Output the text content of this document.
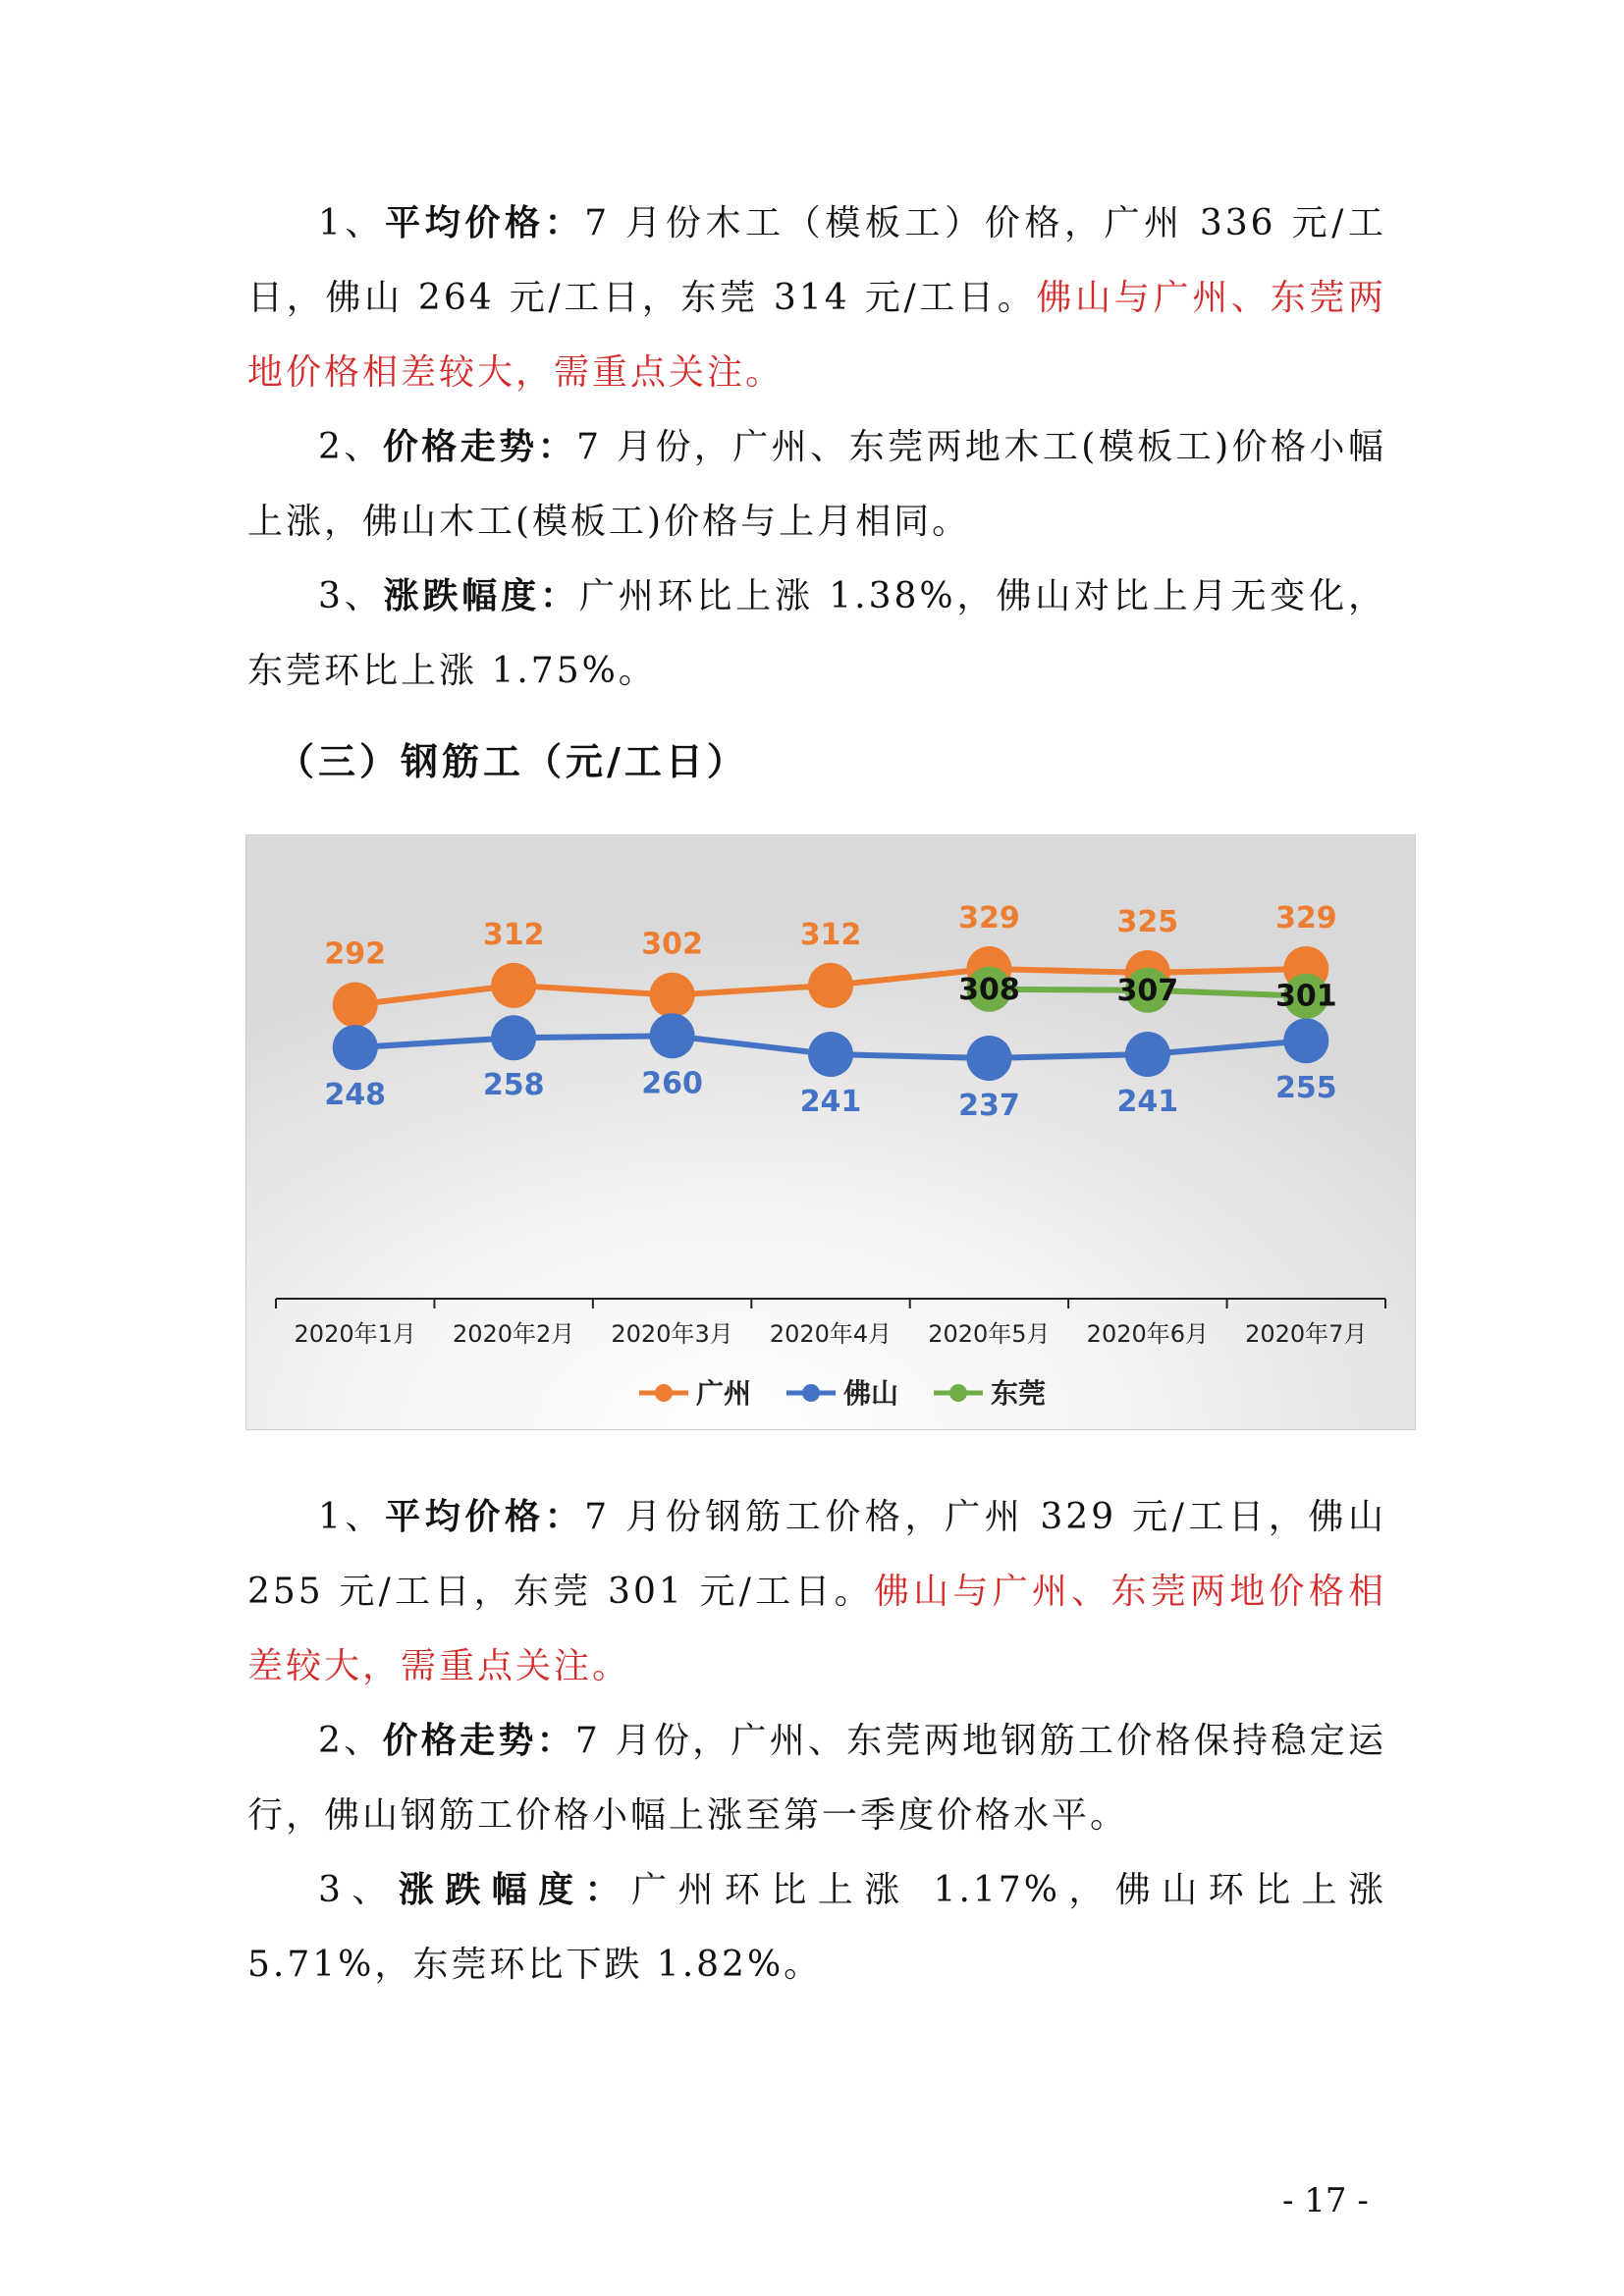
1、平均价格：7 月份木工（模板工）价格，广州 336 元/工日，佛山 264 元/工日，东莞 314 元/工日。佛山与广州、东莞两地价格相差较大，需重点关注。

2、价格走势：7 月份，广州、东莞两地木工(模板工)价格小幅上涨，佛山木工(模板工)价格与上月相同。

3、涨跌幅度：广州环比上涨 1.38%，佛山对比上月无变化，东莞环比上涨 1.75%。

（三）钢筋工（元/工日）
2020年1月 2020年2月 2020年3月 2020年4月 2020年5月 2020年6月 2020年7月
292
312	302	312	329	325	329
248	258	260
241	237	241	255
308	307	301
广州	佛山	东莞

1、平均价格：7 月份钢筋工价格，广州 329 元/工日，佛山 255 元/工日，东莞 301 元/工日。佛山与广州、东莞两地价格相差较大，需重点关注。

2、价格走势：7 月份，广州、东莞两地钢筋工价格保持稳定运行，佛山钢筋工价格小幅上涨至第一季度价格水平。

3、涨跌幅度：广州环比上涨 1.17%，佛山环比上涨 5.71%，东莞环比下跌 1.82%。

- 17 -
